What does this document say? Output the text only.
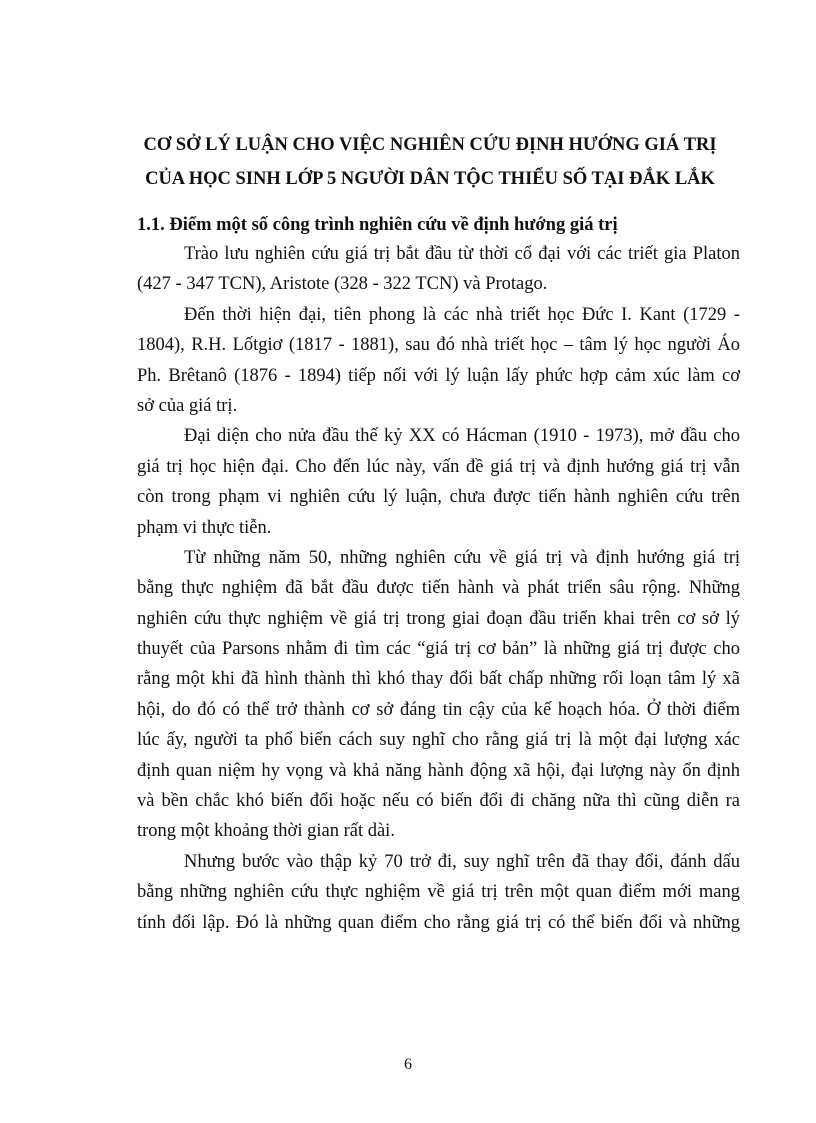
CƠ SỞ LÝ LUẬN CHO VIỆC NGHIÊN CỨU ĐỊNH HƯỚNG GIÁ TRỊ
CỦA HỌC SINH LỚP 5 NGƯỜI DÂN TỘC THIỂU SỐ TẠI ĐẮK LẮK
1.1. Điểm một số công trình nghiên cứu về định hướng giá trị
Trào lưu nghiên cứu giá trị bắt đầu từ thời cổ đại với các triết gia Platon
(427 - 347 TCN), Aristote (328 - 322 TCN) và Protago.
Đến thời hiện đại, tiên phong là các nhà triết học Đức I. Kant (1729 -
1804), R.H. Lốtgiơ (1817 - 1881), sau đó nhà triết học – tâm lý học người Áo
Ph. Brêtanô (1876 - 1894) tiếp nối với lý luận lấy phức hợp cảm xúc làm cơ
sở của giá trị.
Đại diện cho nửa đầu thế kỷ XX có Hácman (1910 - 1973), mở đầu cho
giá trị học hiện đại. Cho đến lúc này, vấn đề giá trị và định hướng giá trị vẫn
còn trong phạm vi nghiên cứu lý luận, chưa được tiến hành nghiên cứu trên
phạm vi thực tiễn.
Từ những năm 50, những nghiên cứu về giá trị và định hướng giá trị
bằng thực nghiệm đã bắt đầu được tiến hành và phát triển sâu rộng. Những
nghiên cứu thực nghiệm về giá trị trong giai đoạn đầu triển khai trên cơ sở lý
thuyết của Parsons nhằm đi tìm các “giá trị cơ bản” là những giá trị được cho
rằng một khi đã hình thành thì khó thay đổi bất chấp những rối loạn tâm lý xã
hội, do đó có thể trở thành cơ sở đáng tin cậy của kế hoạch hóa. Ở thời điểm
lúc ấy, người ta phổ biến cách suy nghĩ cho rằng giá trị là một đại lượng xác
định quan niệm hy vọng và khả năng hành động xã hội, đại lượng này ổn định
và bền chắc khó biến đổi hoặc nếu có biến đổi đi chăng nữa thì cũng diễn ra
trong một khoảng thời gian rất dài.
Nhưng bước vào thập kỷ 70 trở đi, suy nghĩ trên đã thay đổi, đánh dấu
bằng những nghiên cứu thực nghiệm về giá trị trên một quan điểm mới mang
tính đối lập. Đó là những quan điểm cho rằng giá trị có thể biến đổi và những
6
